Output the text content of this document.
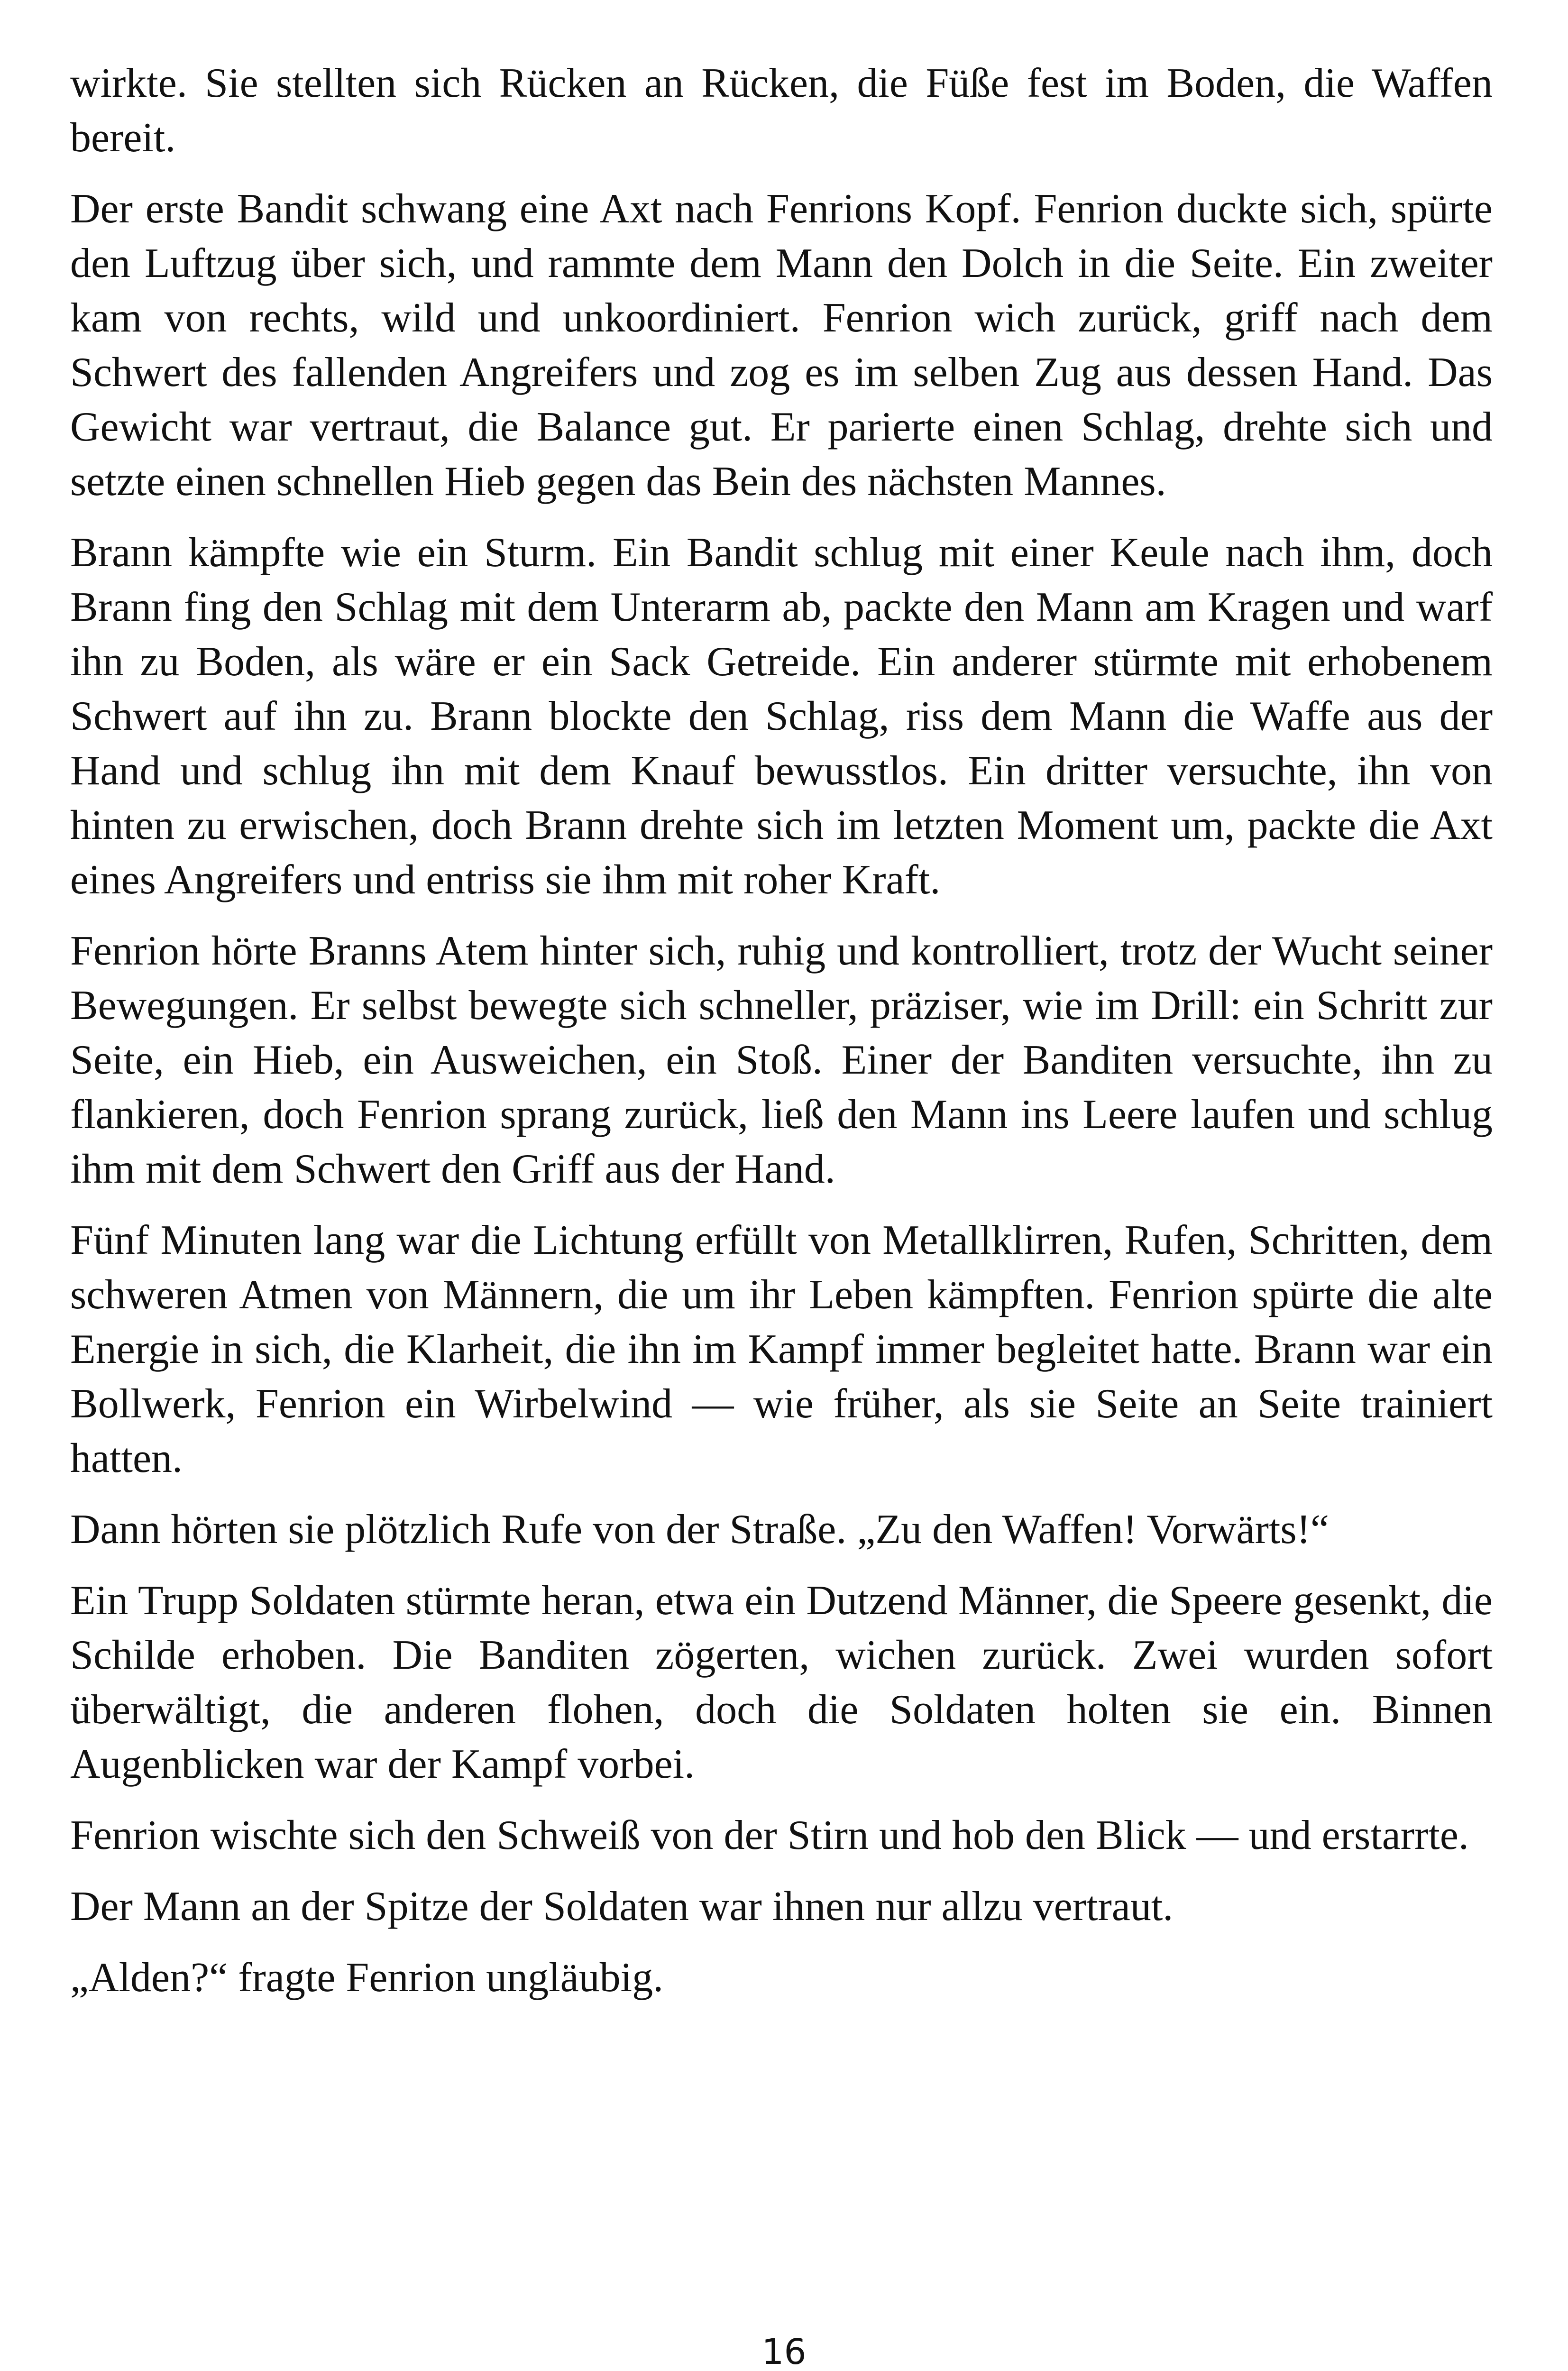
wirkte. Sie stellten sich Rücken an Rücken, die Füße fest im Boden, die Waffen bereit.

Der erste Bandit schwang eine Axt nach Fenrions Kopf. Fenrion duckte sich, spürte den Luftzug über sich, und rammte dem Mann den Dolch in die Seite. Ein zweiter kam von rechts, wild und unkoordiniert. Fenrion wich zurück, griff nach dem Schwert des fallenden Angreifers und zog es im selben Zug aus dessen Hand. Das Gewicht war vertraut, die Balance gut. Er parierte einen Schlag, drehte sich und setzte einen schnellen Hieb gegen das Bein des nächsten Mannes.

Brann kämpfte wie ein Sturm. Ein Bandit schlug mit einer Keule nach ihm, doch Brann fing den Schlag mit dem Unterarm ab, packte den Mann am Kragen und warf ihn zu Boden, als wäre er ein Sack Getreide. Ein anderer stürmte mit erhobenem Schwert auf ihn zu. Brann blockte den Schlag, riss dem Mann die Waffe aus der Hand und schlug ihn mit dem Knauf bewusstlos. Ein dritter versuchte, ihn von hinten zu erwischen, doch Brann drehte sich im letzten Moment um, packte die Axt eines Angreifers und entriss sie ihm mit roher Kraft.

Fenrion hörte Branns Atem hinter sich, ruhig und kontrolliert, trotz der Wucht seiner Bewegungen. Er selbst bewegte sich schneller, präziser, wie im Drill: ein Schritt zur Seite, ein Hieb, ein Ausweichen, ein Stoß. Einer der Banditen versuchte, ihn zu flankieren, doch Fenrion sprang zurück, ließ den Mann ins Leere laufen und schlug ihm mit dem Schwert den Griff aus der Hand.

Fünf Minuten lang war die Lichtung erfüllt von Metallklirren, Rufen, Schritten, dem schweren Atmen von Männern, die um ihr Leben kämpften. Fenrion spürte die alte Energie in sich, die Klarheit, die ihn im Kampf immer begleitet hatte. Brann war ein Bollwerk, Fenrion ein Wirbelwind — wie früher, als sie Seite an Seite trainiert hatten.

Dann hörten sie plötzlich Rufe von der Straße. „Zu den Waffen! Vorwärts!“

Ein Trupp Soldaten stürmte heran, etwa ein Dutzend Männer, die Speere gesenkt, die Schilde erhoben. Die Banditen zögerten, wichen zurück. Zwei wurden sofort überwältigt, die anderen flohen, doch die Soldaten holten sie ein. Binnen Augenblicken war der Kampf vorbei.

Fenrion wischte sich den Schweiß von der Stirn und hob den Blick — und erstarrte.

Der Mann an der Spitze der Soldaten war ihnen nur allzu vertraut.

„Alden?“ fragte Fenrion ungläubig.

16
